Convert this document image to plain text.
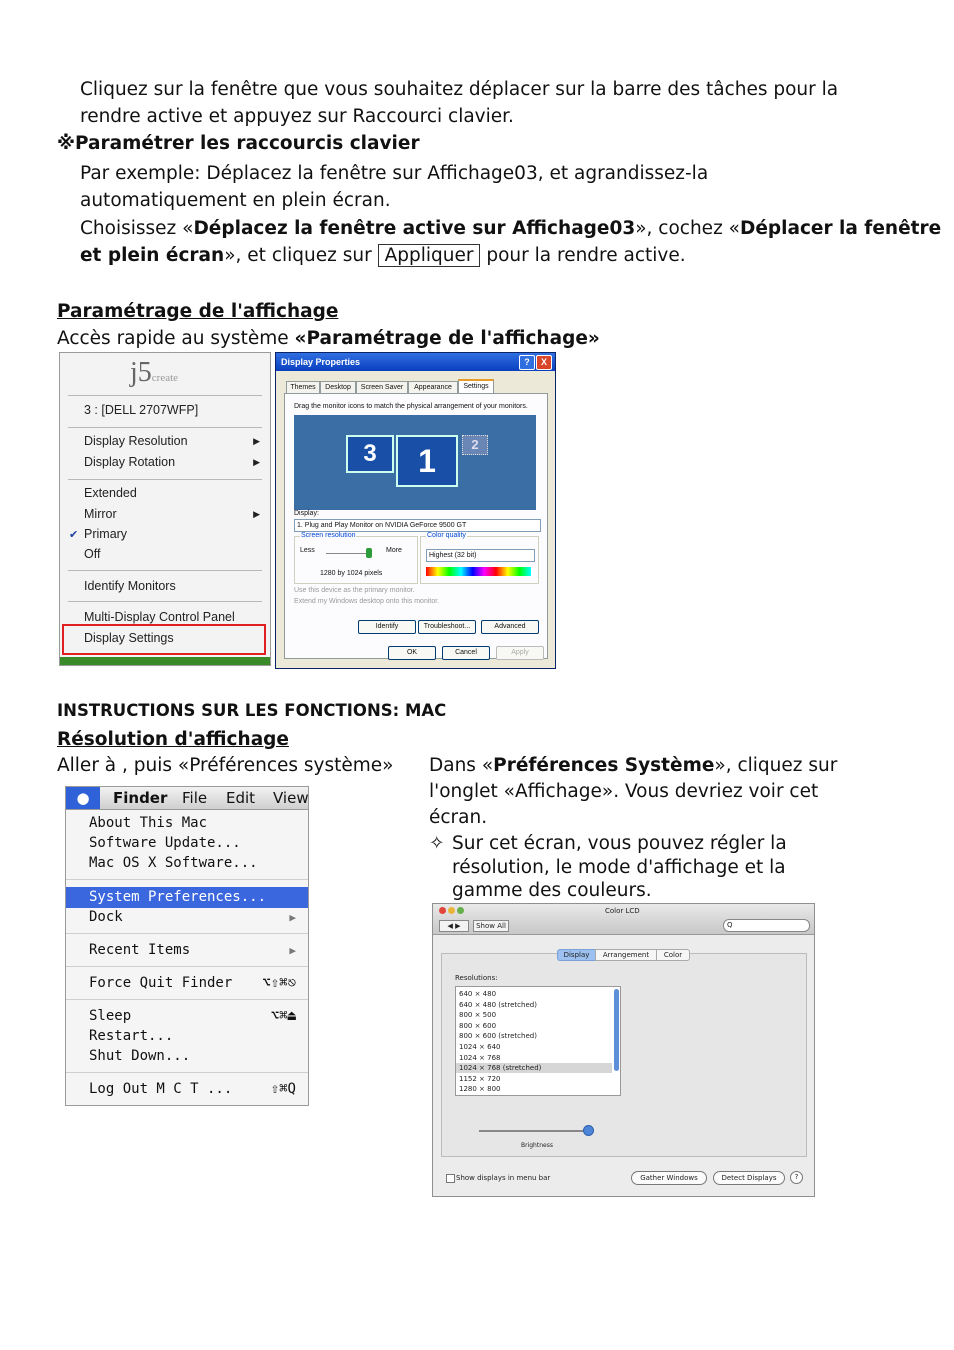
Cliquez sur la fenêtre que vous souhaitez déplacer sur la barre des tâches pour la
rendre active et appuyez sur Raccourci clavier.
※Paramétrer les raccourcis clavier
Par exemple: Déplacez la fenêtre sur Affichage03, et agrandissez-la
automatiquement en plein écran.
Choisissez «Déplacez la fenêtre active sur Affichage03», cochez «Déplacer la fenêtre
et plein écran», et cliquez sur Appliquer pour la rendre active.
Paramétrage de l'affichage
Accès rapide au système «Paramétrage de l'affichage»
j5create
3 : [DELL 2707WFP]
Display Resolution	▶
Display Rotation	▶
Extended
Mirror	▶
✔ Primary
Off
Identify Monitors
Multi-Display Control Panel
Display Settings
Display Properties	?	X
Themes	Desktop	Screen Saver	Appearance	Settings
Drag the monitor icons to match the physical arrangement of your monitors.
3	1	2
Display:
1. Plug and Play Monitor on NVIDIA GeForce 9500 GT
Screen resolution
Less	More
1280 by 1024 pixels
Color quality
Highest (32 bit)
Use this device as the primary monitor.
Extend my Windows desktop onto this monitor.
Identify	Troubleshoot...	Advanced
OK	Cancel	Apply
INSTRUCTIONS SUR LES FONCTIONS: MAC
Résolution d'affichage
Aller à , puis «Préférences système» Dans «Préférences Système», cliquez sur
l'onglet «Affichage». Vous devriez voir cet
écran.
✧ Sur cet écran, vous pouvez régler la
résolution, le mode d'affichage et la
gamme des couleurs.
●	Finder File Edit View
About This Mac
Software Update...
Mac OS X Software...
System Preferences...
Dock	▶
Recent Items	▶
Force Quit Finder ⌥⇧⌘⎋
Sleep	⌥⌘⏏
Restart...
Shut Down...
Log Out M C T ...	⇧⌘Q
Color LCD
◀ ▶	Show All	Q
Display	Arrangement	Color
Resolutions:
640 × 480
640 × 480 (stretched)
800 × 500
800 × 600
800 × 600 (stretched)
1024 × 640
1024 × 768
1024 × 768 (stretched)
1152 × 720
1280 × 800
Brightness
Show displays in menu bar	Gather Windows	Detect Displays	?
